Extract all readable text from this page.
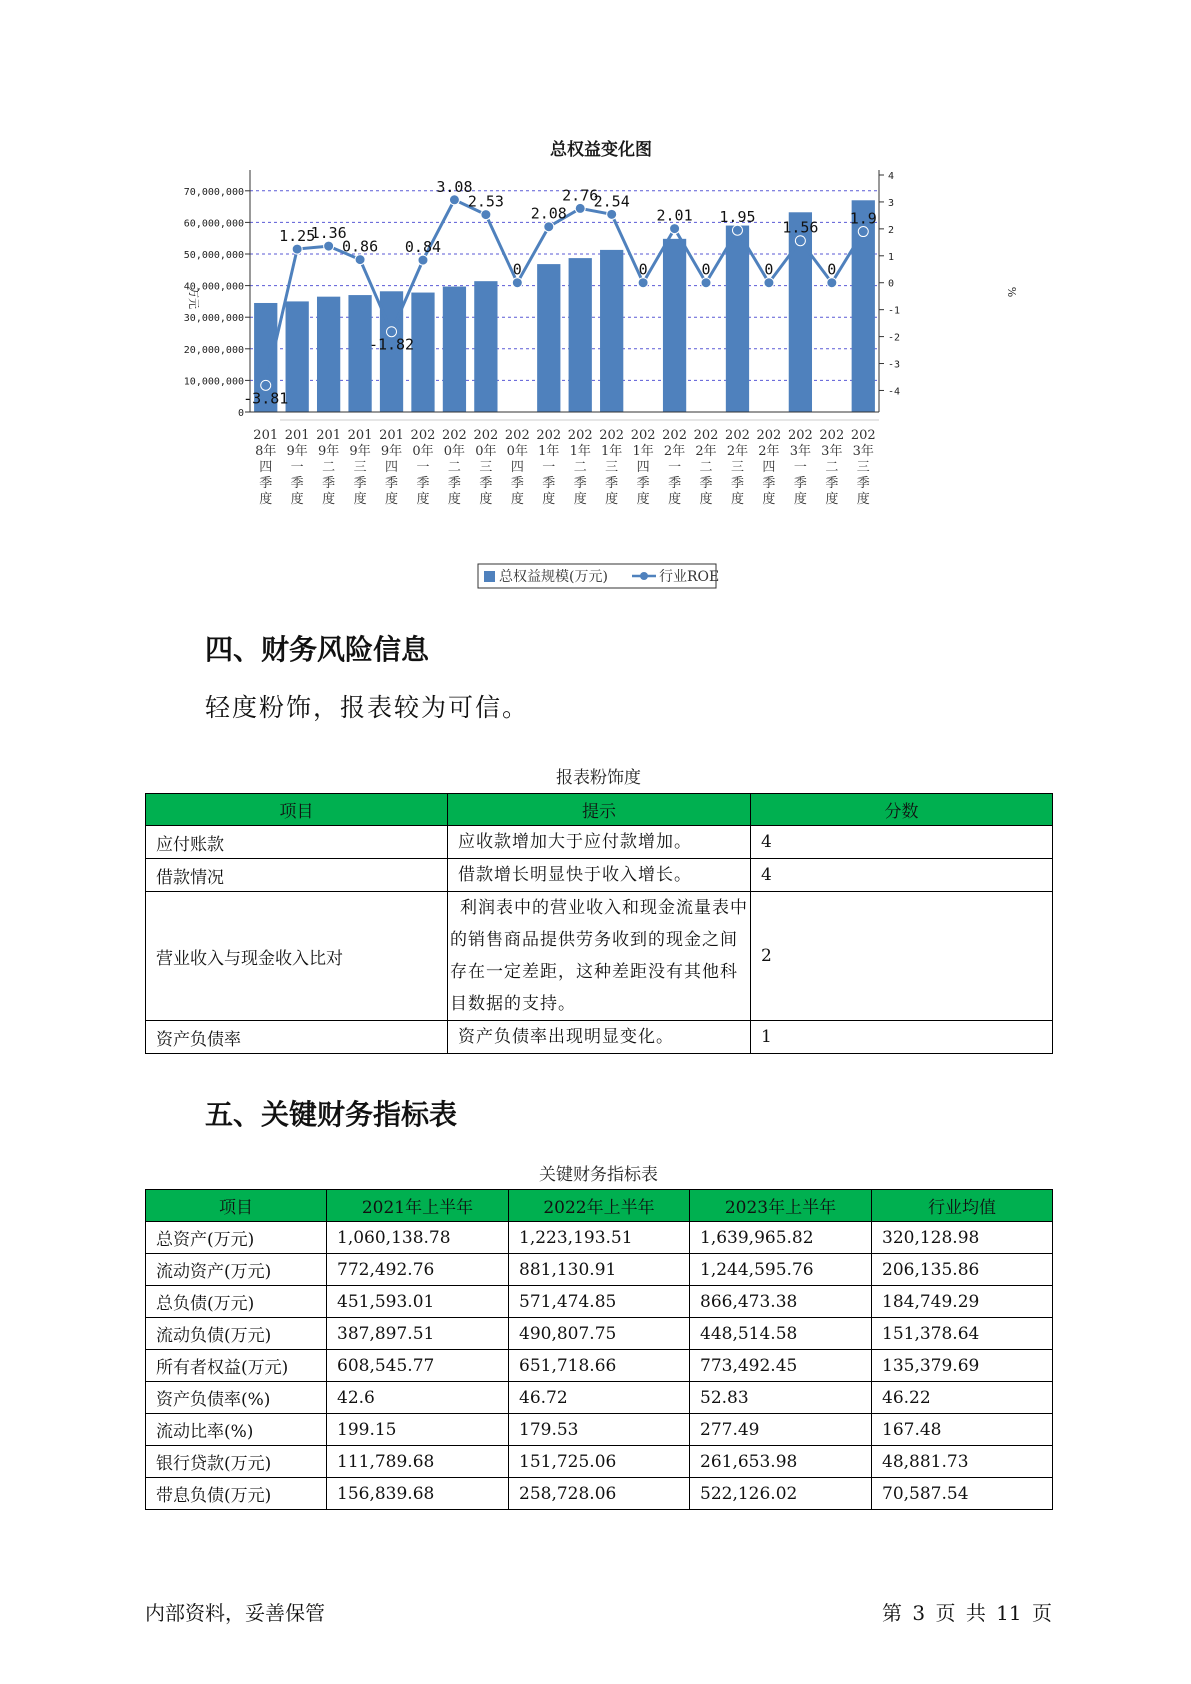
总权益变化图
-3.81
1.25
1.36
0.86
-1.82
0.84
3.08
2.53
0
2.08
2.76
2.54
0
2.01
0
1.95
0
1.56
0
1.9
70,000,000
60,000,000
50,000,000
40,000,000
30,000,000
20,000,000
10,000,000
0
4
3
2
1
0
-1
-2
-3
-4
201
8年
四
季
度
201
9年
一
季
度
201
9年
二
季
度
201
9年
三
季
度
201
9年
四
季
度
202
0年
一
季
度
202
0年
二
季
度
202
0年
三
季
度
202
0年
四
季
度
202
1年
一
季
度
202
1年
二
季
度
202
1年
三
季
度
202
1年
四
季
度
202
2年
一
季
度
202
2年
二
季
度
202
2年
三
季
度
202
2年
四
季
度
202
3年
一
季
度
202
3年
二
季
度
202
3年
三
季
度
万元	%
总权益规模(万元)	行业ROE
四、财务风险信息

轻度粉饰，报表较为可信。

报表粉饰度
项目	提示	分数
应付账款	应收款增加大于应付款增加。	4
借款情况	借款增长明显快于收入增长。	4
营业收入与现金收入比对	利润表中的营业收入和现金流量表中的销售商品提供劳务收到的现金之间存在一定差距，这种差距没有其他科目数据的支持。	2
资产负债率	资产负债率出现明显变化。	1
五、关键财务指标表
关键财务指标表
项目	2021年上半年	2022年上半年	2023年上半年	行业均值
总资产(万元)	1,060,138.78	1,223,193.51	1,639,965.82	320,128.98
流动资产(万元)	772,492.76	881,130.91	1,244,595.76	206,135.86
总负债(万元)	451,593.01	571,474.85	866,473.38	184,749.29
流动负债(万元)	387,897.51	490,807.75	448,514.58	151,378.64
所有者权益(万元)	608,545.77	651,718.66	773,492.45	135,379.69
资产负债率(%)	42.6	46.72	52.83	46.22
流动比率(%)	199.15	179.53	277.49	167.48
银行贷款(万元)	111,789.68	151,725.06	261,653.98	48,881.73
带息负债(万元)	156,839.68	258,728.06	522,126.02	70,587.54
内部资料，妥善保管	第 3 页 共 11 页
